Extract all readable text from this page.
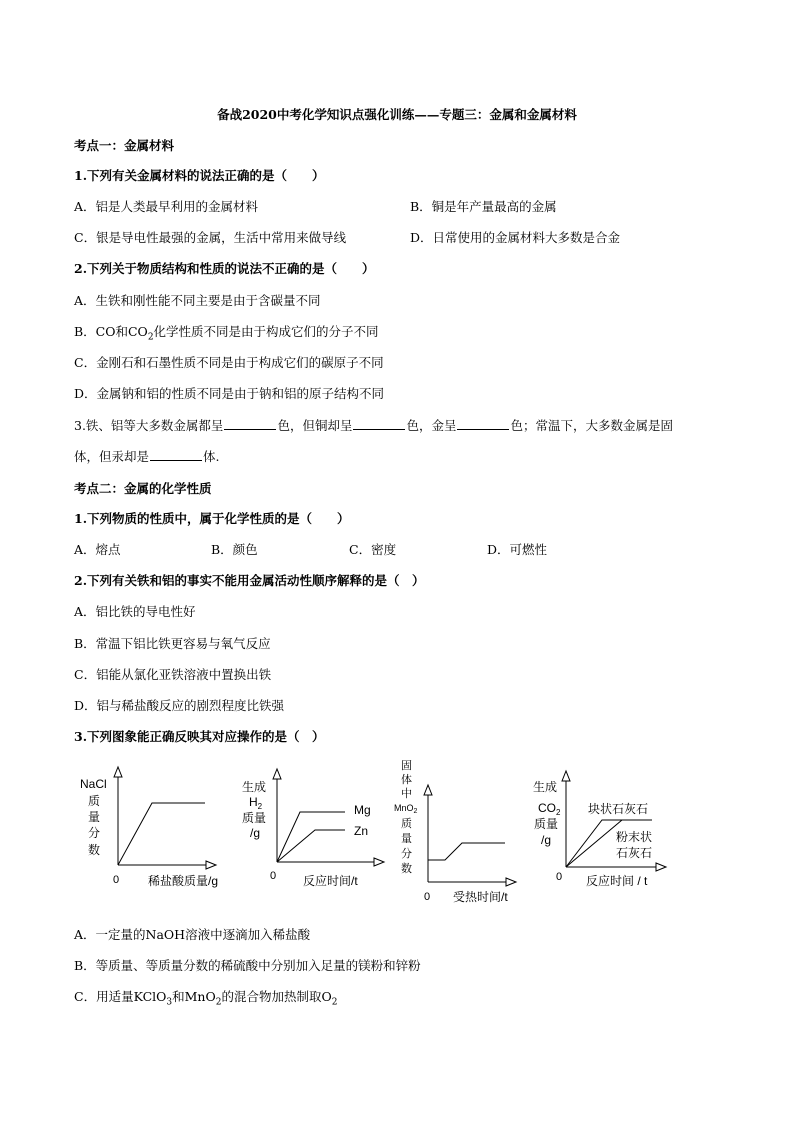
备战2020中考化学知识点强化训练——专题三：金属和金属材料
考点一：金属材料
1.下列有关金属材料的说法正确的是（　　）
A．铝是人类最早利用的金属材料	B．铜是年产量最高的金属
C．银是导电性最强的金属，生活中常用来做导线	D．日常使用的金属材料大多数是合金
2.下列关于物质结构和性质的说法不正确的是（　　）
A．生铁和刚性能不同主要是由于含碳量不同
B．CO和$CO_2$化学性质不同是由于构成它们的分子不同
C．金刚石和石墨性质不同是由于构成它们的碳原子不同
D．金属钠和铝的性质不同是由于钠和铝的原子结构不同
3.铁、铝等大多数金属都呈	色，但铜却呈	色，金呈	色；常温下，大多数金属是固
体，但汞却是	体.
考点二：金属的化学性质
1.下列物质的性质中，属于化学性质的是（　　）
A．熔点	B．颜色	C．密度	D．可燃性
2.下列有关铁和铝的事实不能用金属活动性顺序解释的是（　）
A．铝比铁的导电性好
B．常温下铝比铁更容易与氧气反应
C．铝能从氯化亚铁溶液中置换出铁
D．铝与稀盐酸反应的剧烈程度比铁强
3.下列图象能正确反映其对应操作的是（　）
NaCl
质
量
分
数
0 稀盐酸质量/g
生成
$H_2$
质量
/g
Mg
Zn
0 反应时间/t
固
体
中
MnO$_2$
质
量
分
数
0 受热时间/t
生成
$CO_2$
质量
/g
块状石灰石
粉末状
石灰石
0 反应时间 / t
A．一定量的NaOH溶液中逐滴加入稀盐酸
B．等质量、等质量分数的稀硫酸中分别加入足量的镁粉和锌粉
C．用适量KClO$_3$和MnO$_2$的混合物加热制取$O_2$
